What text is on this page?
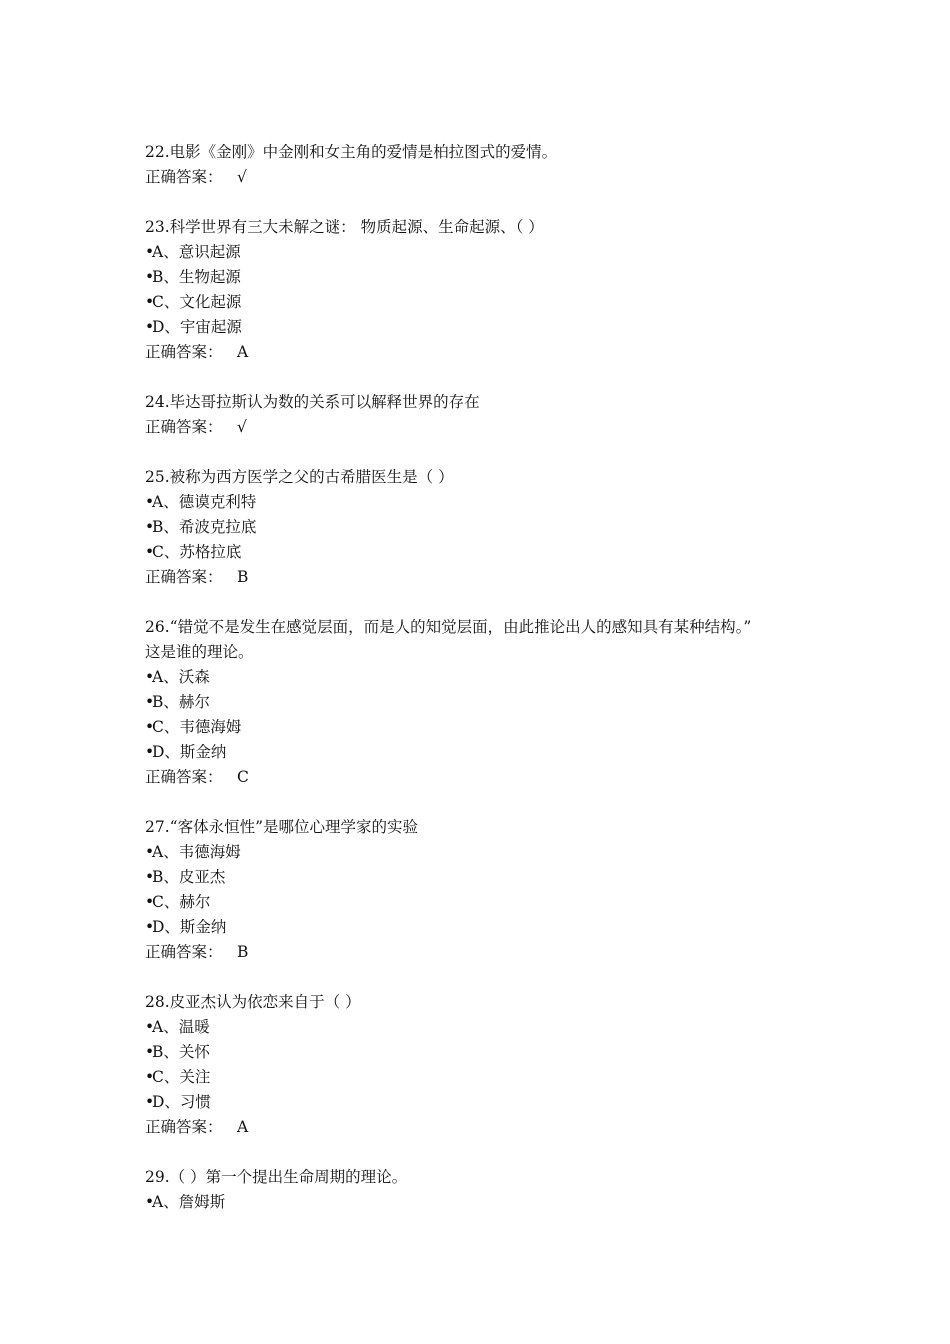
22.电影《金刚》中金刚和女主角的爱情是柏拉图式的爱情。
正确答案： √
23.科学世界有三大未解之谜： 物质起源、生命起源、（ ）
•A、意识起源
•B、生物起源
•C、文化起源
•D、宇宙起源
正确答案： A
24.毕达哥拉斯认为数的关系可以解释世界的存在
正确答案： √
25.被称为西方医学之父的古希腊医生是（ ）
•A、德谟克利特
•B、希波克拉底
•C、苏格拉底
正确答案： B
26.“错觉不是发生在感觉层面，而是人的知觉层面，由此推论出人的感知具有某种结构。”
这是谁的理论。
•A、沃森
•B、赫尔
•C、韦德海姆
•D、斯金纳
正确答案： C
27.“客体永恒性”是哪位心理学家的实验
•A、韦德海姆
•B、皮亚杰
•C、赫尔
•D、斯金纳
正确答案： B
28.皮亚杰认为依恋来自于（ ）
•A、温暖
•B、关怀
•C、关注
•D、习惯
正确答案： A
29.（ ）第一个提出生命周期的理论。
•A、詹姆斯
